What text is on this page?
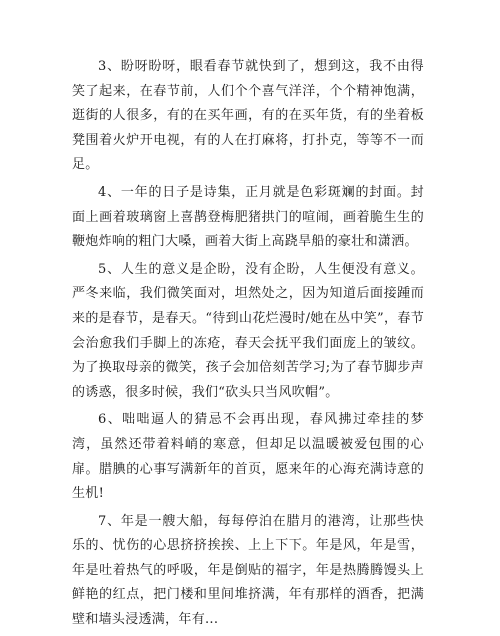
3、盼呀盼呀，眼看春节就快到了，想到这，我不由得笑了起来，在春节前，人们个个喜气洋洋，个个精神饱满，逛街的人很多，有的在买年画，有的在买年货，有的坐着板凳围着火炉开电视，有的人在打麻将，打扑克，等等不一而足。

4、一年的日子是诗集，正月就是色彩斑斓的封面。封面上画着玻璃窗上喜鹊登梅肥猪拱门的喧闹，画着脆生生的鞭炮炸响的粗门大嗓，画着大街上高跷旱船的豪壮和潇洒。

5、人生的意义是企盼，没有企盼，人生便没有意义。严冬来临，我们微笑面对，坦然处之，因为知道后面接踵而来的是春节，是春天。“待到山花烂漫时/她在丛中笑”，春节会治愈我们手脚上的冻疮，春天会抚平我们面庞上的皱纹。为了换取母亲的微笑，孩子会加倍刻苦学习;为了春节脚步声的诱惑，很多时候，我们“砍头只当风吹帽”。

6、咄咄逼人的猜忌不会再出现，春风拂过牵挂的梦湾，虽然还带着料峭的寒意，但却足以温暖被爱包围的心扉。腊腆的心事写满新年的首页，愿来年的心海充满诗意的生机!

7、年是一艘大船，每每停泊在腊月的港湾，让那些快乐的、忧伤的心思挤挤挨挨、上上下下。年是风，年是雪，年是吐着热气的呼吸，年是倒贴的福字，年是热腾腾馒头上鲜艳的红点，把门楼和里间堆挤满，年有那样的酒香，把满壁和墙头浸透满，年有...
